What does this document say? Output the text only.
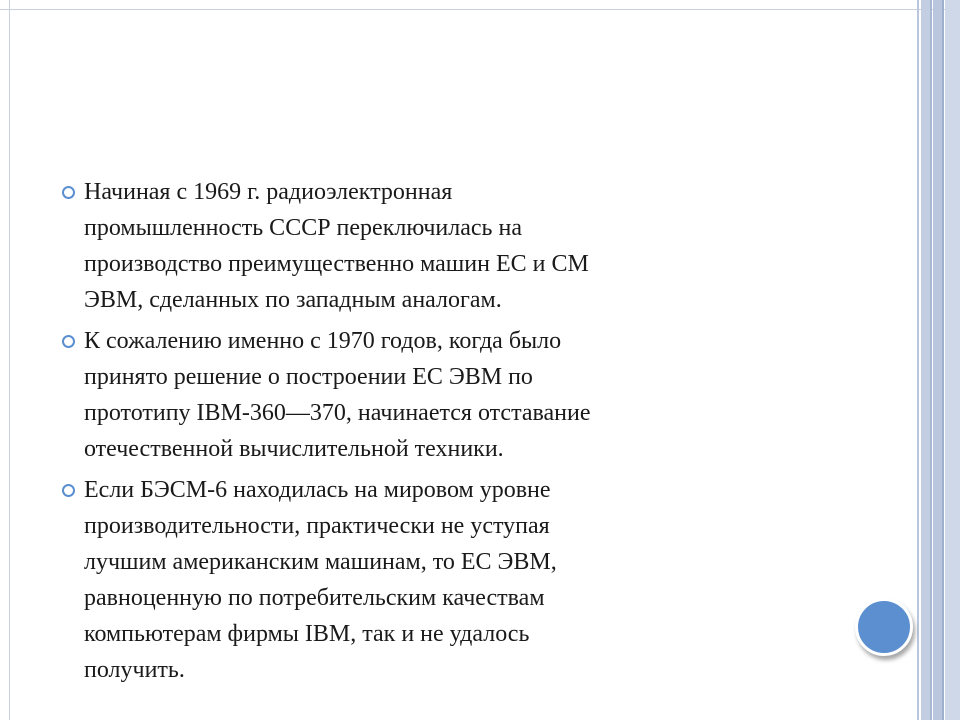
Начиная с 1969 г. радиоэлектронная
промышленность СССР переключилась на
производство преимущественно машин ЕС и СМ
ЭВМ, сделанных по западным аналогам.
К сожалению именно с 1970 годов, когда было
принято решение о построении ЕС ЭВМ по
прототипу IBM-360—370, начинается отставание
отечественной вычислительной техники.
Если БЭСМ-6 находилась на мировом уровне
производительности, практически не уступая
лучшим американским машинам, то ЕС ЭВМ,
равноценную по потребительским качествам
компьютерам фирмы IBM, так и не удалось
получить.
